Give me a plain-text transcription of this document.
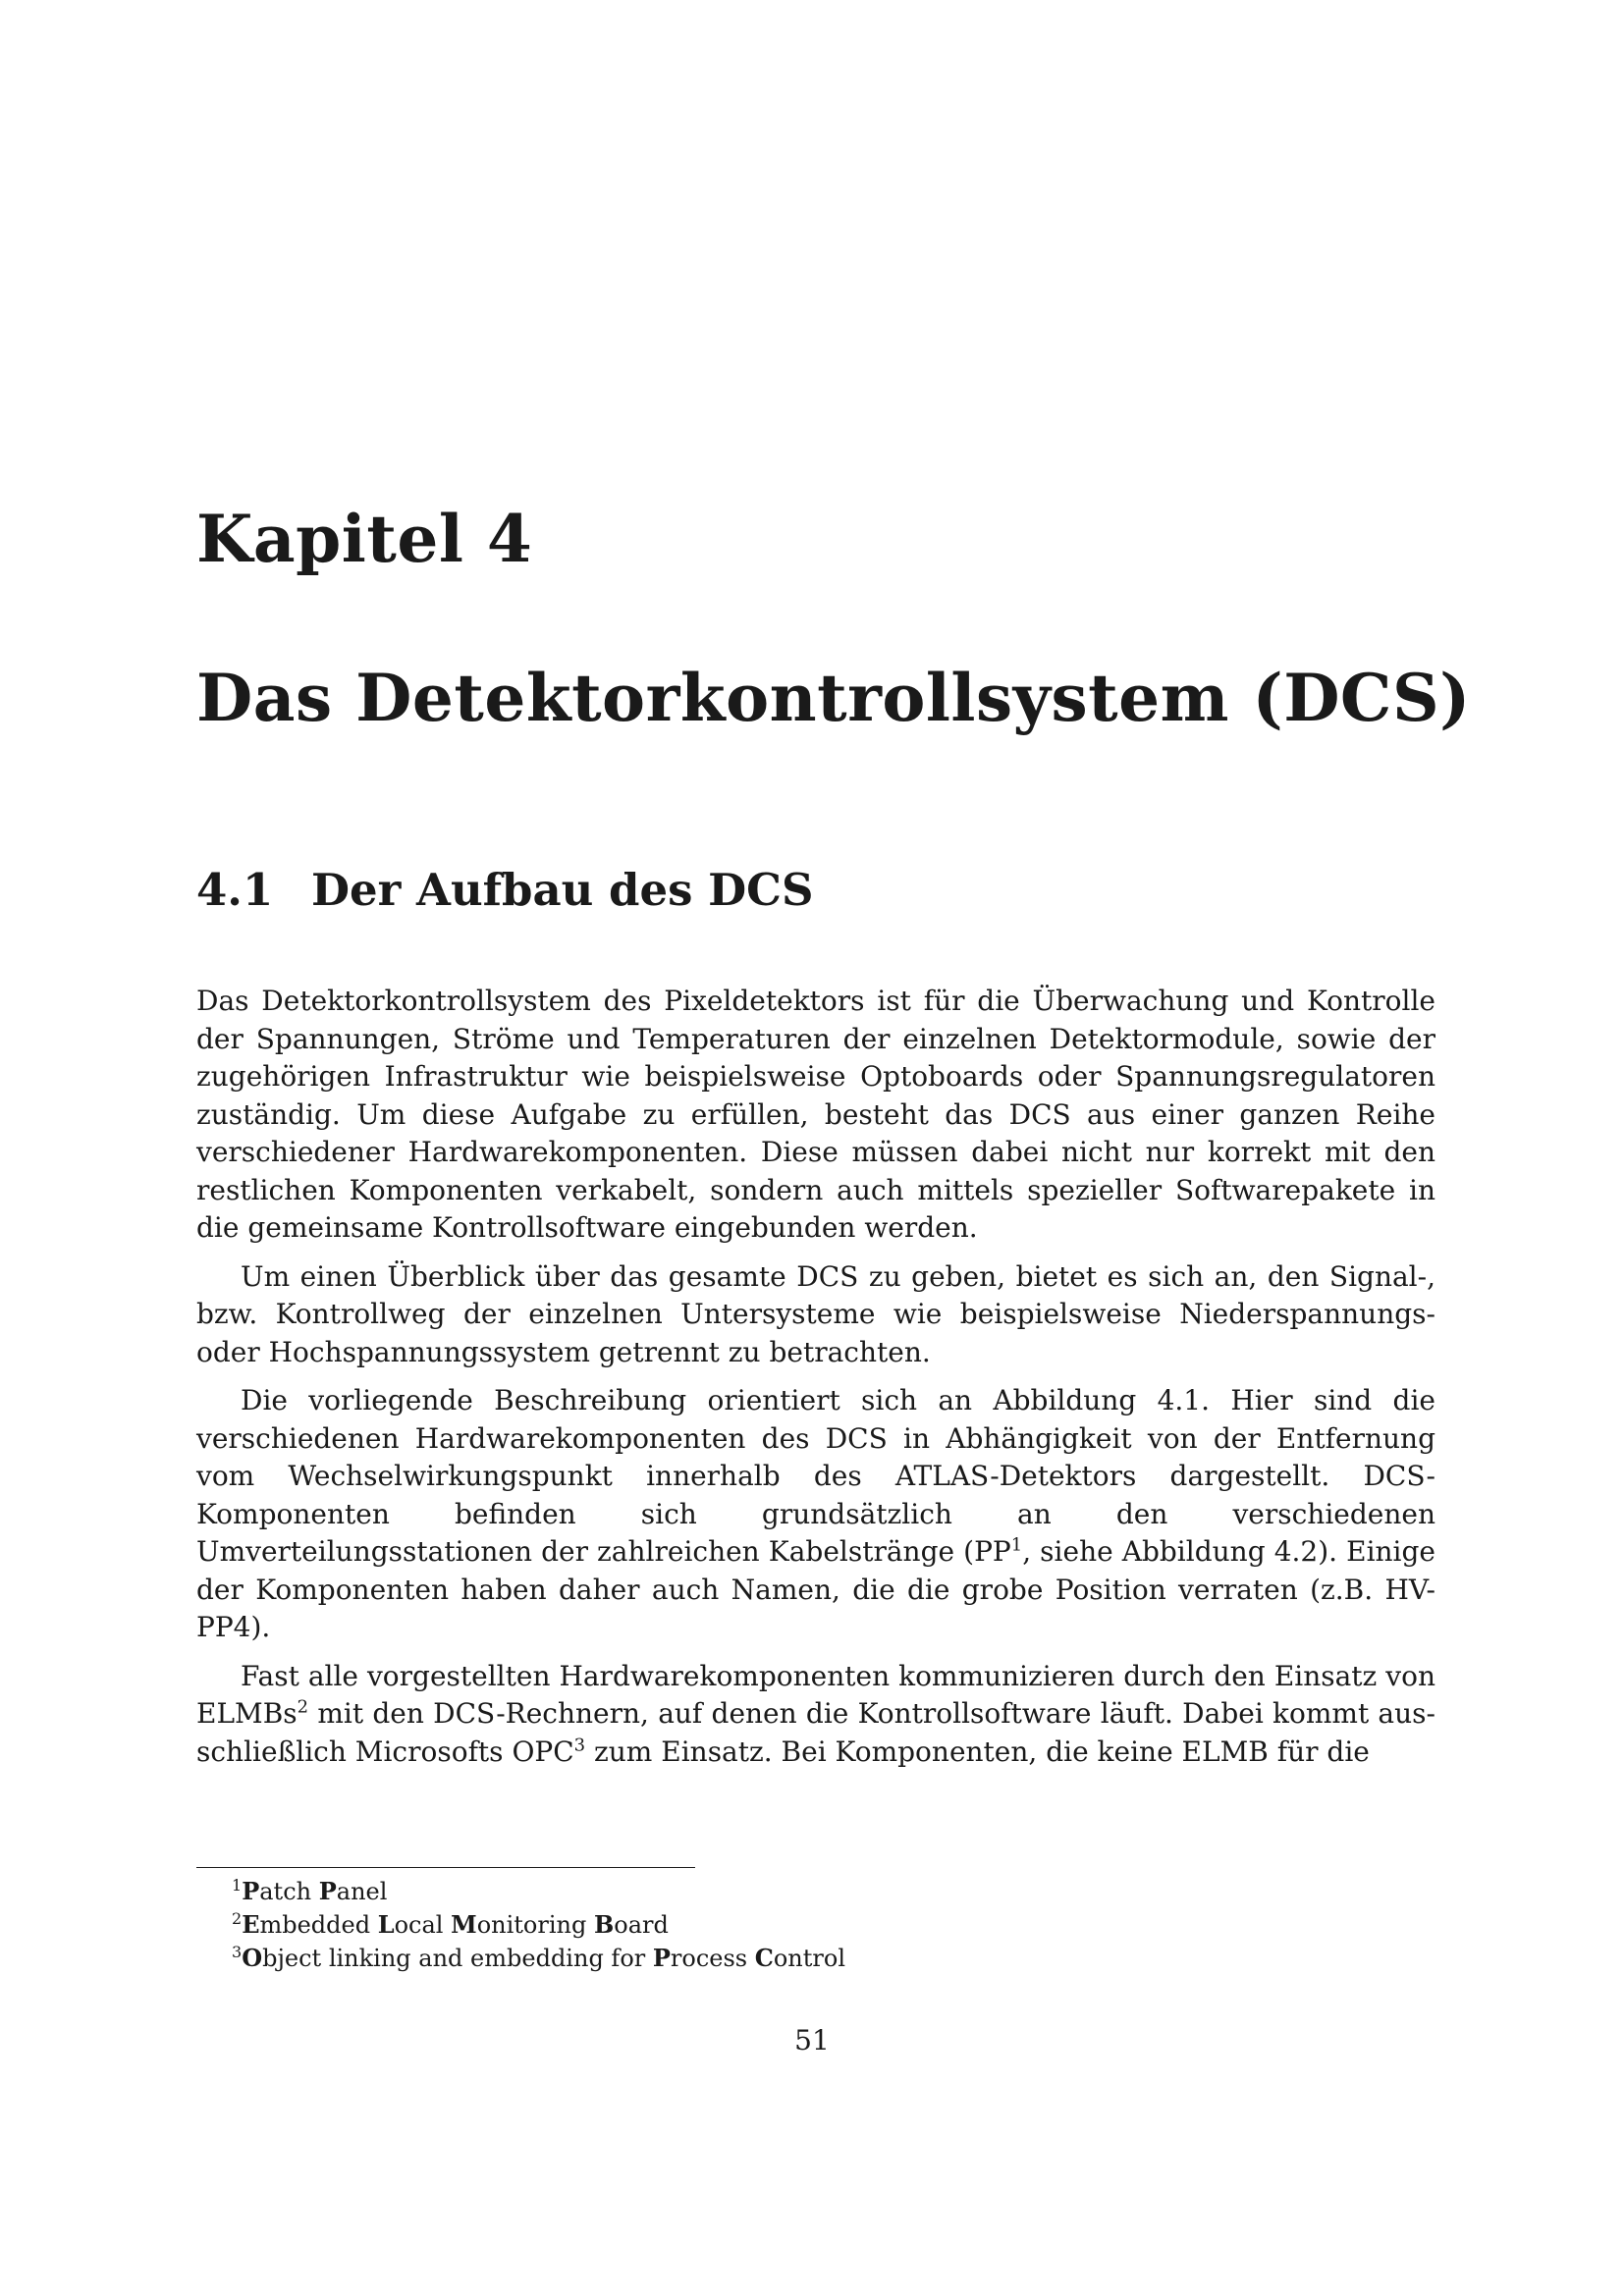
Kapitel 4
Das Detektorkontrollsystem (DCS)
4.1 Der Aufbau des DCS

Das Detektorkontrollsystem des Pixeldetektors ist für die Überwachung und Kontrolle der Spannungen, Ströme und Temperaturen der einzelnen Detektormodule, sowie der zugehörigen Infrastruktur wie beispielsweise Optoboards oder Spannungsregulatoren zuständig. Um diese Aufgabe zu erfüllen, besteht das DCS aus einer ganzen Reihe verschiedener Hardwarekomponenten. Diese müssen dabei nicht nur korrekt mit den restlichen Komponenten verkabelt, sondern auch mittels spezieller Softwarepakete in die gemeinsame Kontrollsoftware eingebunden werden.

Um einen Überblick über das gesamte DCS zu geben, bietet es sich an, den Signal-, bzw. Kontrollweg der einzelnen Untersysteme wie beispielsweise Niederspannungs- oder Hochspannungssystem getrennt zu betrachten.

Die vorliegende Beschreibung orientiert sich an Abbildung 4.1. Hier sind die verschiedenen Hardwarekomponenten des DCS in Abhängigkeit von der Entfernung vom Wechselwirkungspunkt innerhalb des ATLAS-Detektors dargestellt. DCS-Komponenten befinden sich grundsätzlich an den verschiedenen Umverteilungsstationen der zahlreichen Kabelstränge ($PP^1$, siehe Abbildung 4.2). Einige der Komponenten haben daher auch Namen, die die grobe Position verraten (z.B. HV-PP4).

Fast alle vorgestellten Hardwarekomponenten kommunizieren durch den Einsatz von ELMBs$^2$ mit den DCS-Rechnern, auf denen die Kontrollsoftware läuft. Dabei kommt ausschließlich Microsofts OPC$^3$ zum Einsatz. Bei Komponenten, die keine ELMB für die

$^1$Patch Panel
$^2$Embedded Local Monitoring Board
$^3$Object linking and embedding for Process Control
51
